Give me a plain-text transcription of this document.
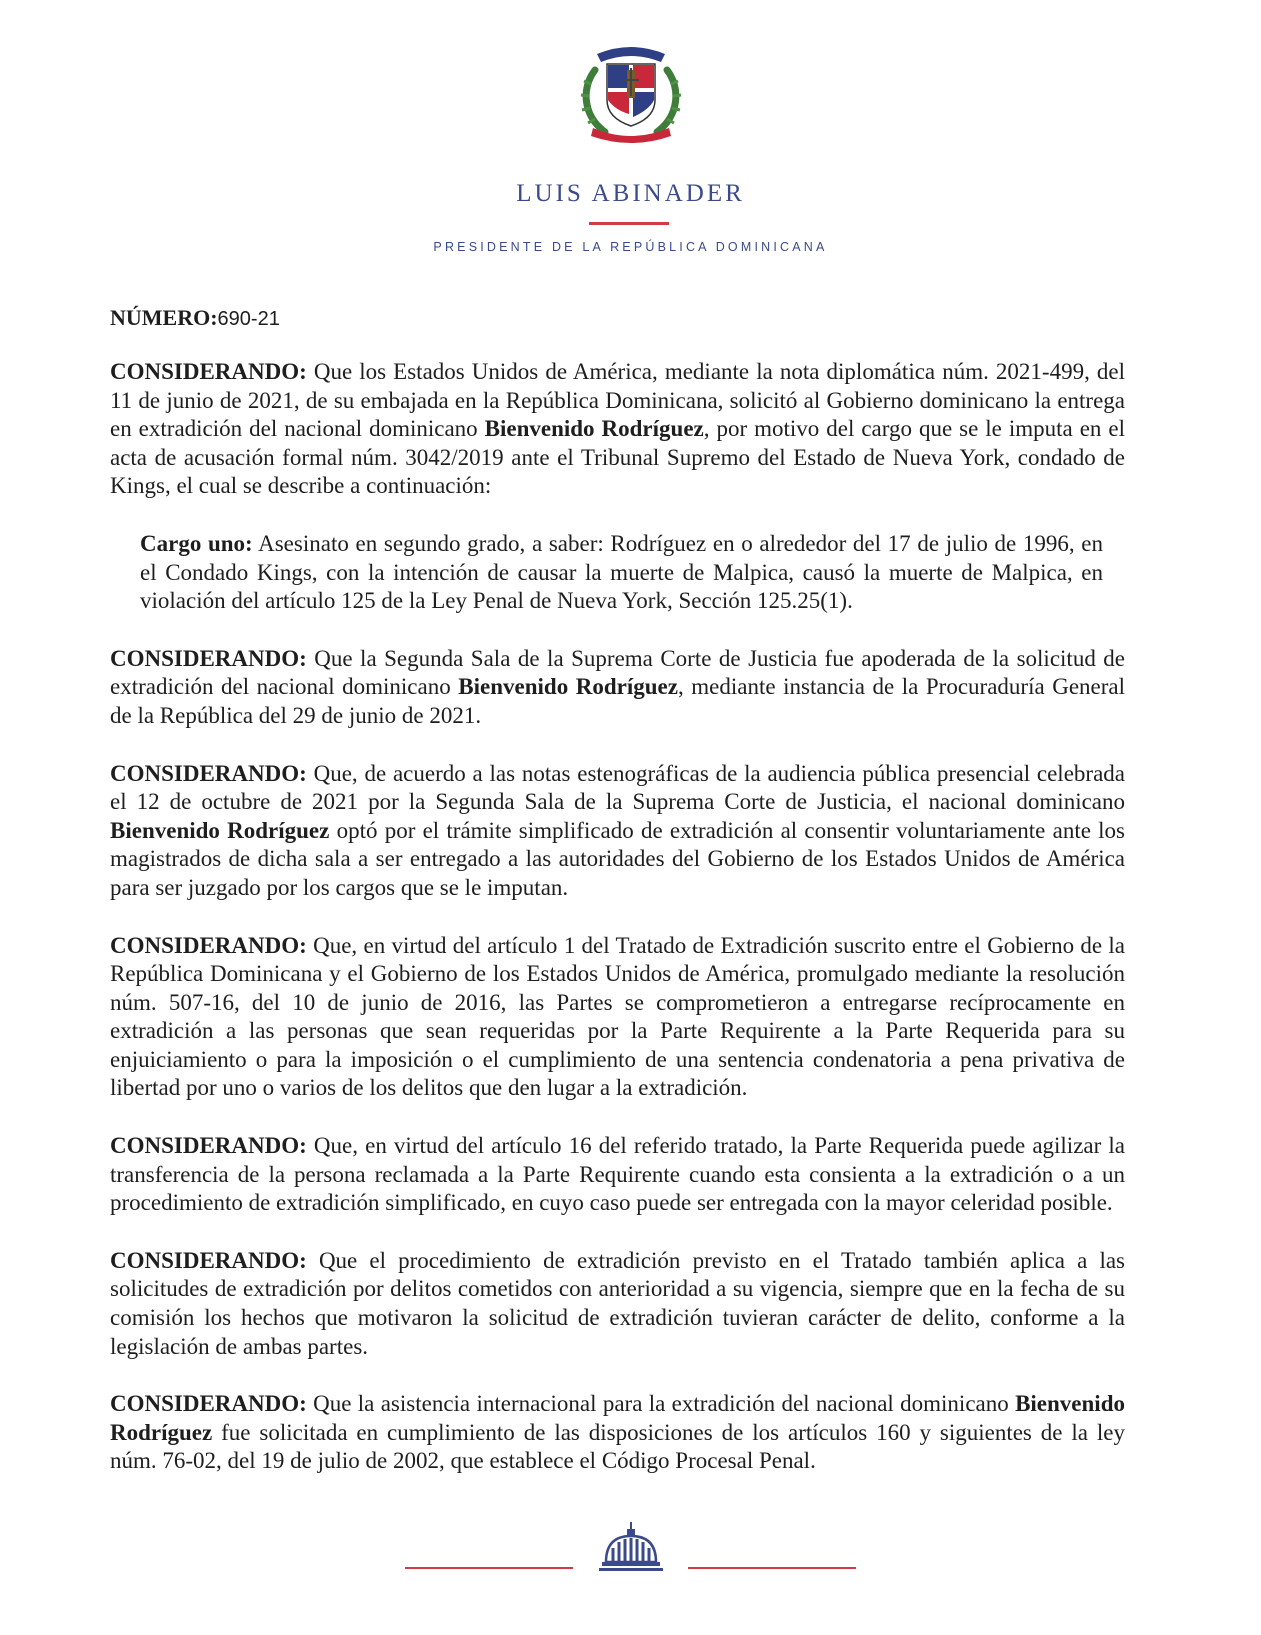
LUIS ABINADER
PRESIDENTE DE LA REPÚBLICA DOMINICANA
NÚMERO:690-21

CONSIDERANDO: Que los Estados Unidos de América, mediante la nota diplomática núm. 2021-499, del 11 de junio de 2021, de su embajada en la República Dominicana, solicitó al Gobierno dominicano la entrega en extradición del nacional dominicano Bienvenido Rodríguez, por motivo del cargo que se le imputa en el acta de acusación formal núm. 3042/2019 ante el Tribunal Supremo del Estado de Nueva York, condado de Kings, el cual se describe a continuación:

Cargo uno: Asesinato en segundo grado, a saber: Rodríguez en o alrededor del 17 de julio de 1996, en el Condado Kings, con la intención de causar la muerte de Malpica, causó la muerte de Malpica, en violación del artículo 125 de la Ley Penal de Nueva York, Sección 125.25(1).

CONSIDERANDO: Que la Segunda Sala de la Suprema Corte de Justicia fue apoderada de la solicitud de extradición del nacional dominicano Bienvenido Rodríguez, mediante instancia de la Procuraduría General de la República del 29 de junio de 2021.

CONSIDERANDO: Que, de acuerdo a las notas estenográficas de la audiencia pública presencial celebrada el 12 de octubre de 2021 por la Segunda Sala de la Suprema Corte de Justicia, el nacional dominicano Bienvenido Rodríguez optó por el trámite simplificado de extradición al consentir voluntariamente ante los magistrados de dicha sala a ser entregado a las autoridades del Gobierno de los Estados Unidos de América para ser juzgado por los cargos que se le imputan.

CONSIDERANDO: Que, en virtud del artículo 1 del Tratado de Extradición suscrito entre el Gobierno de la República Dominicana y el Gobierno de los Estados Unidos de América, promulgado mediante la resolución núm. 507-16, del 10 de junio de 2016, las Partes se comprometieron a entregarse recíprocamente en extradición a las personas que sean requeridas por la Parte Requirente a la Parte Requerida para su enjuiciamiento o para la imposición o el cumplimiento de una sentencia condenatoria a pena privativa de libertad por uno o varios de los delitos que den lugar a la extradición.

CONSIDERANDO: Que, en virtud del artículo 16 del referido tratado, la Parte Requerida puede agilizar la transferencia de la persona reclamada a la Parte Requirente cuando esta consienta a la extradición o a un procedimiento de extradición simplificado, en cuyo caso puede ser entregada con la mayor celeridad posible.

CONSIDERANDO: Que el procedimiento de extradición previsto en el Tratado también aplica a las solicitudes de extradición por delitos cometidos con anterioridad a su vigencia, siempre que en la fecha de su comisión los hechos que motivaron la solicitud de extradición tuvieran carácter de delito, conforme a la legislación de ambas partes.

CONSIDERANDO: Que la asistencia internacional para la extradición del nacional dominicano Bienvenido Rodríguez fue solicitada en cumplimiento de las disposiciones de los artículos 160 y siguientes de la ley núm. 76-02, del 19 de julio de 2002, que establece el Código Procesal Penal.
